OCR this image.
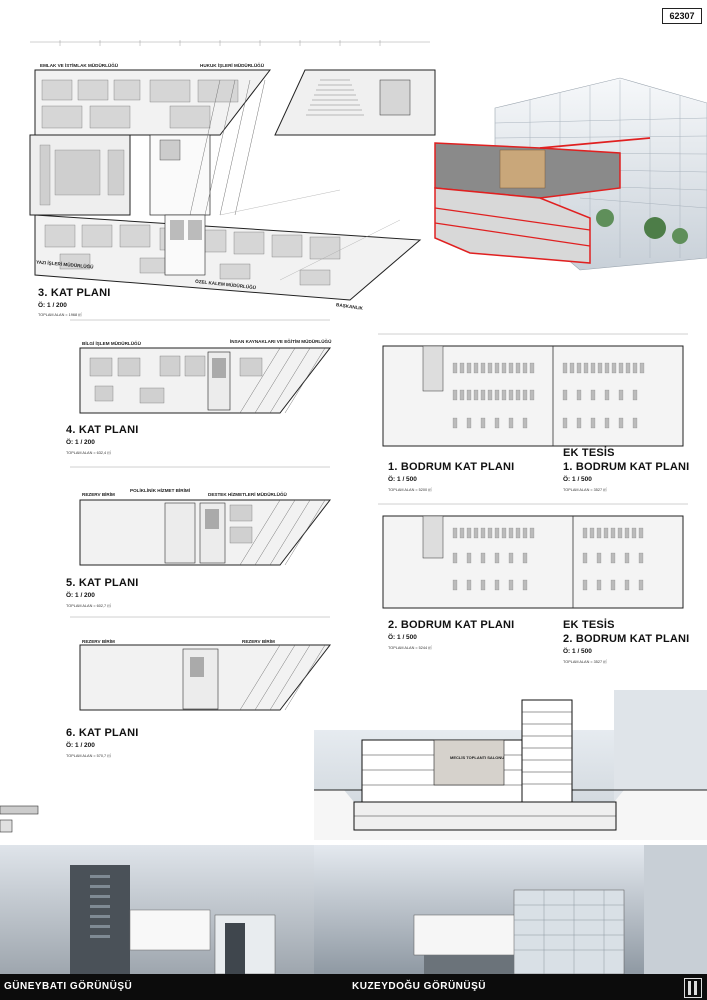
62307
EMLAK VE İSTİMLAK MÜDÜRLÜĞÜ	HUKUK İŞLERİ MÜDÜRLÜĞÜ
YAZI İŞLERİ MÜDÜRLÜĞÜ
ÖZEL KALEM MÜDÜRLÜĞÜ
BAŞKANLIK
3. KAT PLANI
Ö: 1 / 200
TOPLAM ALAN = 1968 ㎡
BİLGİ İŞLEM MÜDÜRLÜĞÜ	İNSAN KAYNAKLARI VE EĞİTİM MÜDÜRLÜĞÜ
4. KAT PLANI
Ö: 1 / 200
TOPLAM ALAN = 632,4 ㎡
REZERV BİRİM
POLİKLİNİK HİZMET BİRİMİ
DESTEK HİZMETLERİ MÜDÜRLÜĞÜ
5. KAT PLANI
Ö: 1 / 200
TOPLAM ALAN = 602,7 ㎡
REZERV BİRİM	REZERV BİRİM
6. KAT PLANI
Ö: 1 / 200
TOPLAM ALAN = 570,7 ㎡
1. BODRUM KAT PLANI
Ö: 1 / 500
TOPLAM ALAN = 5200 ㎡
EK TESİS
1. BODRUM KAT PLANI
Ö: 1 / 500
TOPLAM ALAN = 3527 ㎡
2. BODRUM KAT PLANI
Ö: 1 / 500
TOPLAM ALAN = 5244 ㎡
EK TESİS
2. BODRUM KAT PLANI
Ö: 1 / 500
TOPLAM ALAN = 3527 ㎡
MECLİS TOPLANTI SALONU
GÜNEYBATI GÖRÜNÜŞÜ	KUZEYDOĞU GÖRÜNÜŞÜ
